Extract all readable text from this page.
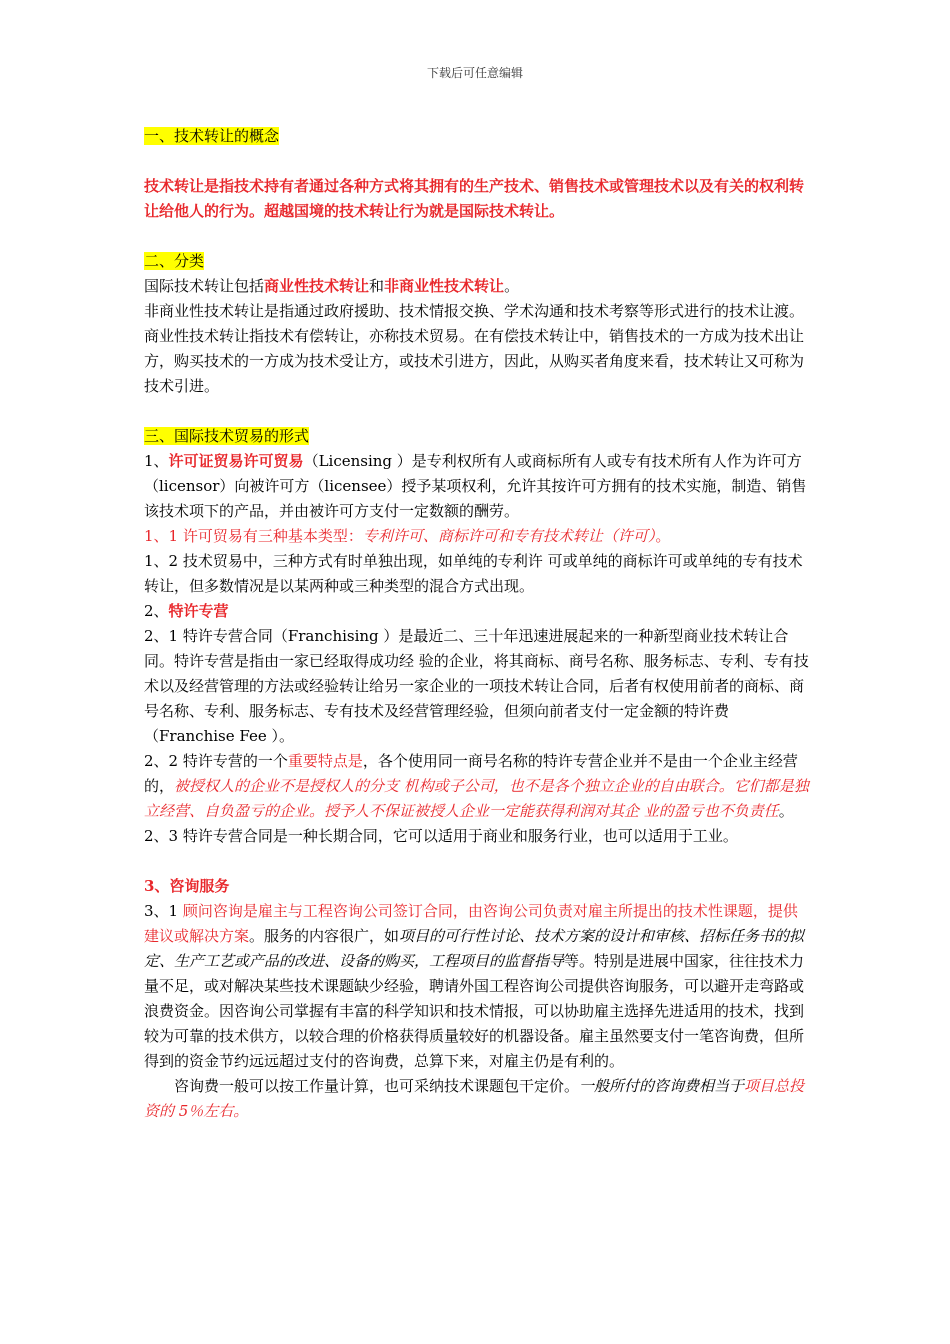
下载后可任意编辑

一、技术转让的概念

技术转让是指技术持有者通过各种方式将其拥有的生产技术、销售技术或管理技术以及有关的权利转让给他人的行为。超越国境的技术转让行为就是国际技术转让。

二、分类

国际技术转让包括商业性技术转让和非商业性技术转让。

非商业性技术转让是指通过政府援助、技术情报交换、学术沟通和技术考察等形式进行的技术让渡。

商业性技术转让指技术有偿转让，亦称技术贸易。在有偿技术转让中，销售技术的一方成为技术出让方，购买技术的一方成为技术受让方，或技术引进方，因此，从购买者角度来看，技术转让又可称为技术引进。

三、国际技术贸易的形式

1、许可证贸易许可贸易（Licensing ）是专利权所有人或商标所有人或专有技术所有人作为许可方（licensor）向被许可方（licensee）授予某项权利，允许其按许可方拥有的技术实施，制造、销售该技术项下的产品，并由被许可方支付一定数额的酬劳。

1、1 许可贸易有三种基本类型：专利许可、商标许可和专有技术转让（许可）。

1、2 技术贸易中，三种方式有时单独出现，如单纯的专利许 可或单纯的商标许可或单纯的专有技术转让，但多数情况是以某两种或三种类型的混合方式出现。

2、特许专营

2、1 特许专营合同（Franchising ）是最近二、三十年迅速进展起来的一种新型商业技术转让合同。特许专营是指由一家已经取得成功经 验的企业，将其商标、商号名称、服务标志、专利、专有技术以及经营管理的方法或经验转让给另一家企业的一项技术转让合同，后者有权使用前者的商标、商号名称、专利、服务标志、专有技术及经营管理经验，但须向前者支付一定金额的特许费（Franchise Fee ）。

2、2 特许专营的一个重要特点是，各个使用同一商号名称的特许专营企业并不是由一个企业主经营的，被授权人的企业不是授权人的分支 机构或子公司，也不是各个独立企业的自由联合。它们都是独立经营、自负盈亏的企业。授予人不保证被授人企业一定能获得利润对其企 业的盈亏也不负责任。

2、3 特许专营合同是一种长期合同，它可以适用于商业和服务行业，也可以适用于工业。

3、咨询服务

3、1 顾问咨询是雇主与工程咨询公司签订合同，由咨询公司负责对雇主所提出的技术性课题，提供建议或解决方案。服务的内容很广，如项目的可行性讨论、技术方案的设计和审核、招标任务书的拟定、生产工艺或产品的改进、设备的购买，工程项目的监督指导等。特别是进展中国家，往往技术力量不足，或对解决某些技术课题缺少经验，聘请外国工程咨询公司提供咨询服务，可以避开走弯路或浪费资金。因咨询公司掌握有丰富的科学知识和技术情报，可以协助雇主选择先进适用的技术，找到较为可靠的技术供方，以较合理的价格获得质量较好的机器设备。雇主虽然要支付一笔咨询费，但所得到的资金节约远远超过支付的咨询费，总算下来，对雇主仍是有利的。

咨询费一般可以按工作量计算，也可采纳技术课题包干定价。一般所付的咨询费相当于项目总投资的 5％左右。
